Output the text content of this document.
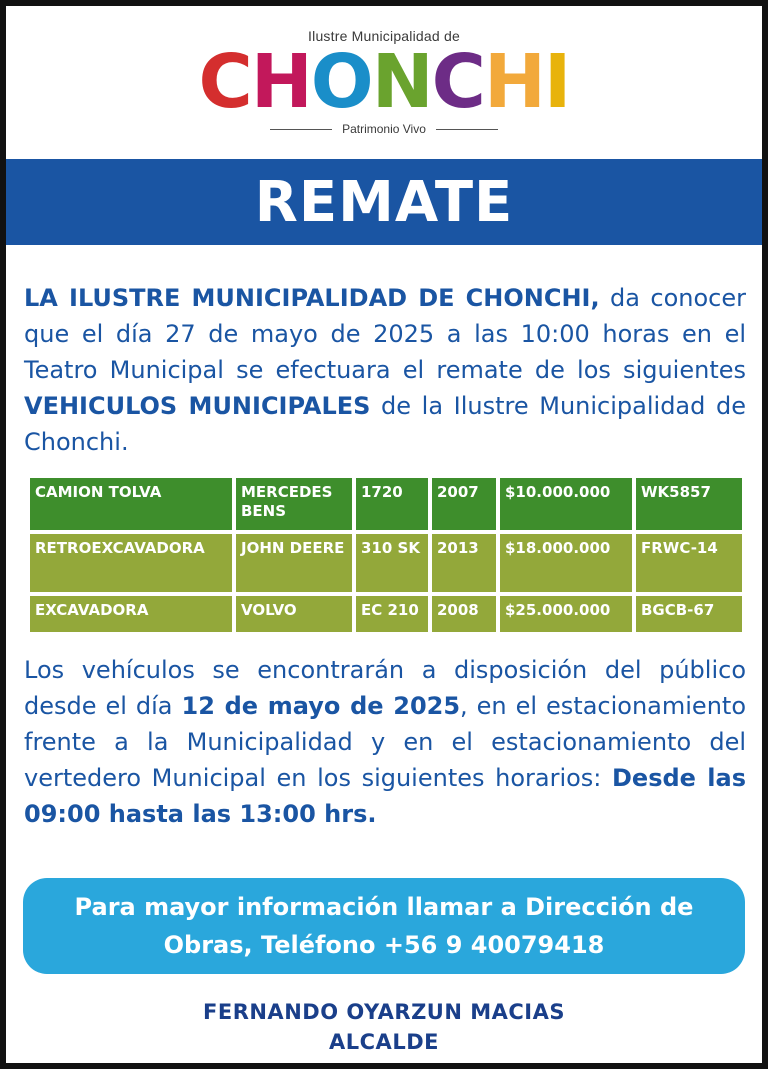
Ilustre Municipalidad de
C H O N C H I
Patrimonio Vivo
REMATE
LA ILUSTRE MUNICIPALIDAD DE CHONCHI, da conocer que el día 27 de mayo de 2025 a las 10:00 horas en el Teatro Municipal se efectuara el remate de los siguientes VEHICULOS MUNICIPALES de la Ilustre Municipalidad de Chonchi.
CAMION TOLVA	MERCEDES BENS	1720	2007	$10.000.000	WK5857
RETROEXCAVADORA	JOHN DEERE	310 SK	2013	$18.000.000	FRWC-14
EXCAVADORA	VOLVO	EC 210	2008	$25.000.000	BGCB-67
Los vehículos se encontrarán a disposición del público desde el día 12 de mayo de 2025, en el estacionamiento frente a la Municipalidad y en el estacionamiento del vertedero Municipal en los siguientes horarios: Desde las 09:00 hasta las 13:00 hrs.
Para mayor información llamar a Dirección de
Obras, Teléfono +56 9 40079418
FERNANDO OYARZUN MACIAS
ALCALDE
